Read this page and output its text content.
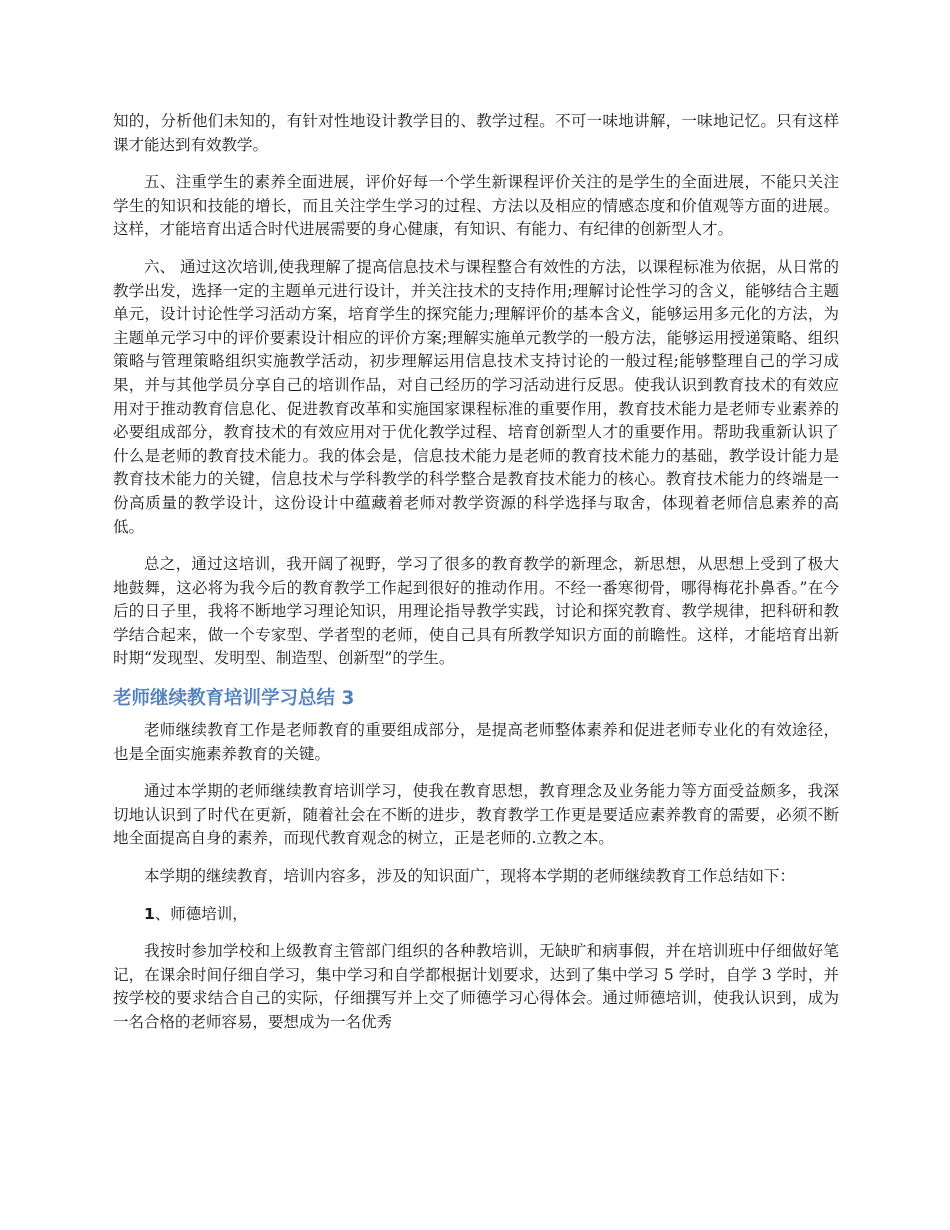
知的，分析他们未知的，有针对性地设计教学目的、教学过程。不可一味地讲解，一味地记忆。只有这样课才能达到有效教学。

五、注重学生的素养全面进展，评价好每一个学生新课程评价关注的是学生的全面进展，不能只关注学生的知识和技能的增长，而且关注学生学习的过程、方法以及相应的情感态度和价值观等方面的进展。这样，才能培育出适合时代进展需要的身心健康，有知识、有能力、有纪律的创新型人才。

六、 通过这次培训,使我理解了提高信息技术与课程整合有效性的方法，以课程标准为依据，从日常的教学出发，选择一定的主题单元进行设计，并关注技术的支持作用;理解讨论性学习的含义，能够结合主题单元，设计讨论性学习活动方案，培育学生的探究能力;理解评价的基本含义，能够运用多元化的方法，为主题单元学习中的评价要素设计相应的评价方案;理解实施单元教学的一般方法，能够运用授递策略、组织策略与管理策略组织实施教学活动，初步理解运用信息技术支持讨论的一般过程;能够整理自己的学习成果，并与其他学员分享自己的培训作品，对自己经历的学习活动进行反思。使我认识到教育技术的有效应用对于推动教育信息化、促进教育改革和实施国家课程标准的重要作用，教育技术能力是老师专业素养的必要组成部分，教育技术的有效应用对于优化教学过程、培育创新型人才的重要作用。帮助我重新认识了什么是老师的教育技术能力。我的体会是，信息技术能力是老师的教育技术能力的基础，教学设计能力是教育技术能力的关键，信息技术与学科教学的科学整合是教育技术能力的核心。教育技术能力的终端是一份高质量的教学设计，这份设计中蕴藏着老师对教学资源的科学选择与取舍，体现着老师信息素养的高低。

总之，通过这培训，我开阔了视野，学习了很多的教育教学的新理念，新思想，从思想上受到了极大地鼓舞，这必将为我今后的教育教学工作起到很好的推动作用。不经一番寒彻骨，哪得梅花扑鼻香。”在今后的日子里，我将不断地学习理论知识，用理论指导教学实践，讨论和探究教育、教学规律，把科研和教学结合起来，做一个专家型、学者型的老师，使自己具有所教学知识方面的前瞻性。这样，才能培育出新时期“发现型、发明型、制造型、创新型”的学生。

老师继续教育培训学习总结 3

老师继续教育工作是老师教育的重要组成部分，是提高老师整体素养和促进老师专业化的有效途径，也是全面实施素养教育的关键。

通过本学期的老师继续教育培训学习，使我在教育思想，教育理念及业务能力等方面受益颇多，我深切地认识到了时代在更新，随着社会在不断的进步，教育教学工作更是要适应素养教育的需要，必须不断地全面提高自身的素养，而现代教育观念的树立，正是老师的.立教之本。

本学期的继续教育，培训内容多，涉及的知识面广，现将本学期的老师继续教育工作总结如下：

1、师德培训，

我按时参加学校和上级教育主管部门组织的各种教培训，无缺旷和病事假，并在培训班中仔细做好笔记，在课余时间仔细自学习，集中学习和自学都根据计划要求，达到了集中学习 5 学时，自学 3 学时，并按学校的要求结合自己的实际，仔细撰写并上交了师德学习心得体会。通过师德培训，使我认识到，成为一名合格的老师容易，要想成为一名优秀
